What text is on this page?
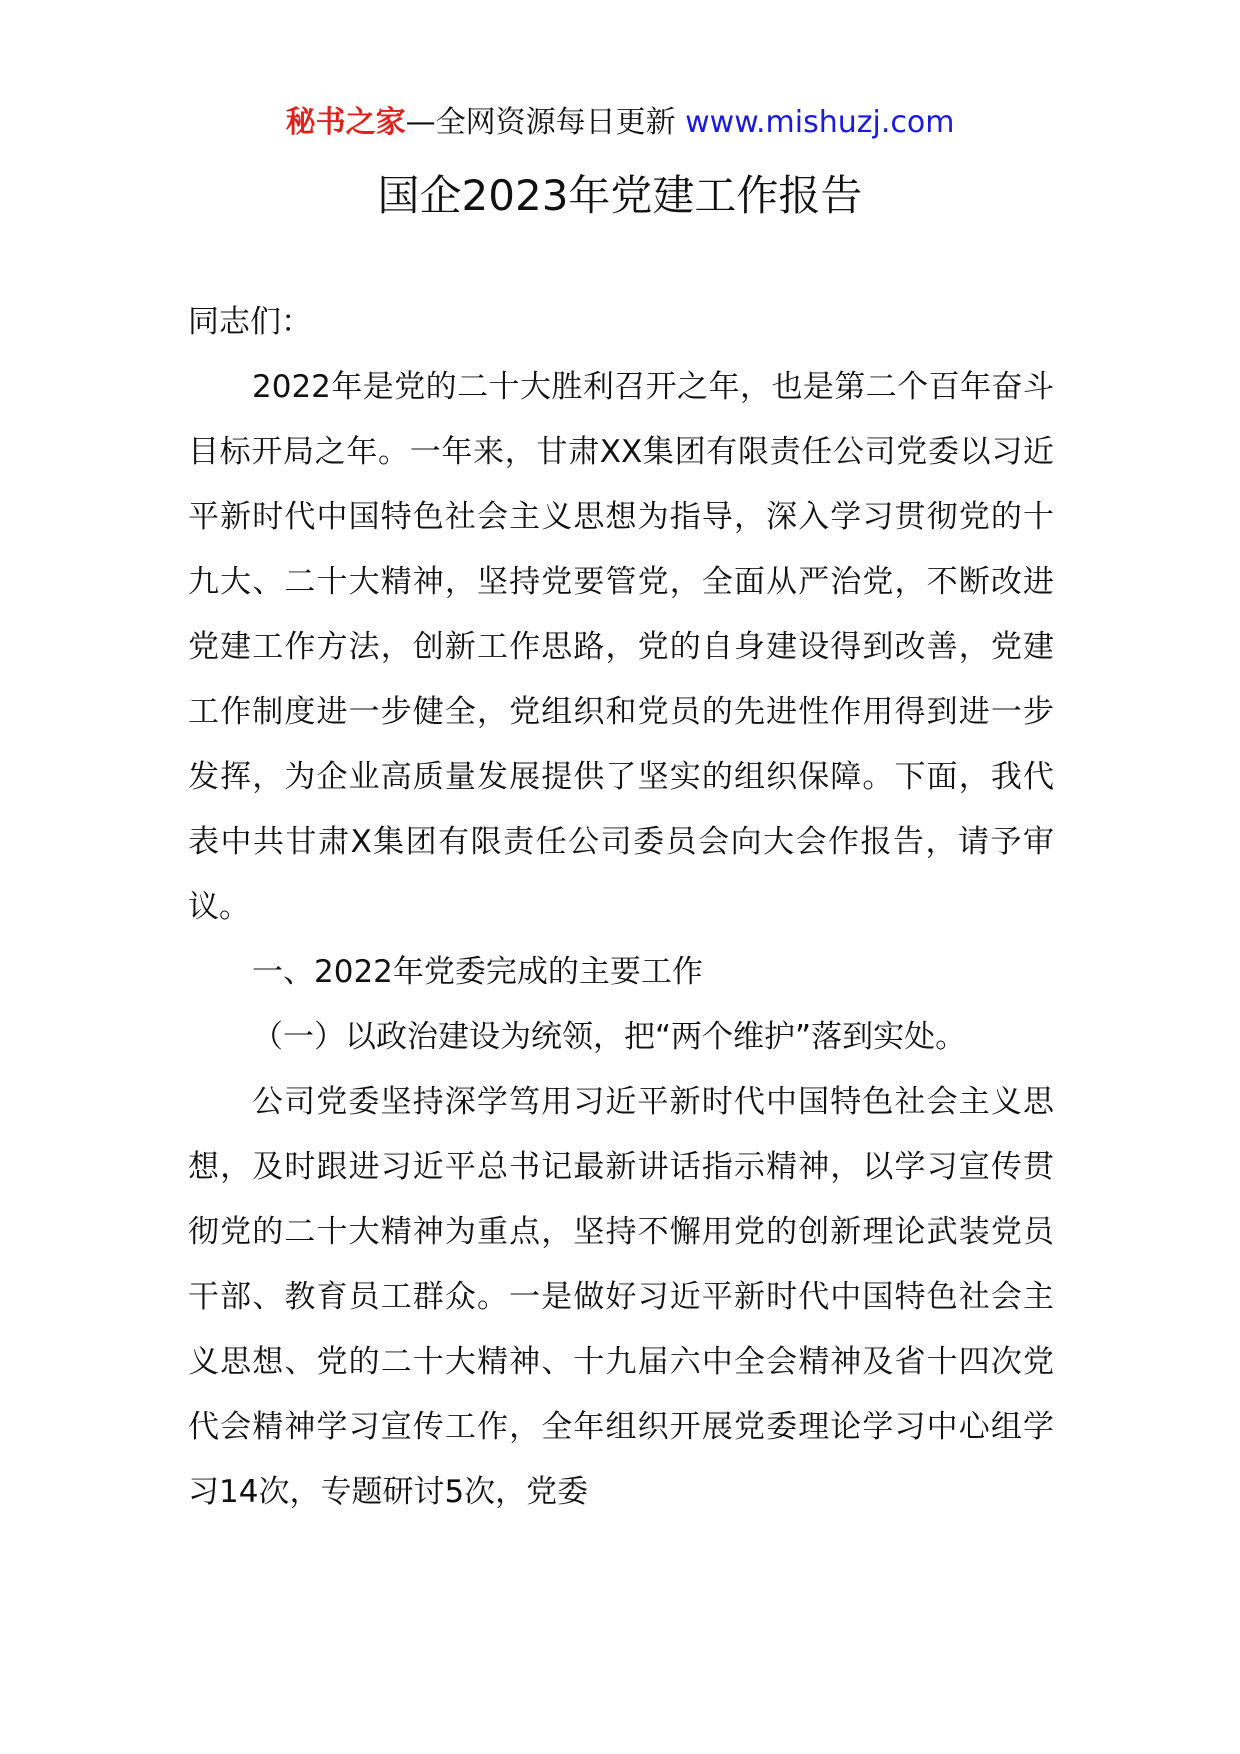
秘书之家—全网资源每日更新 www.mishuzj.com
国企2023年党建工作报告

同志们：

2022年是党的二十大胜利召开之年，也是第二个百年奋斗目标开局之年。一年来，甘肃XX集团有限责任公司党委以习近平新时代中国特色社会主义思想为指导，深入学习贯彻党的十九大、二十大精神，坚持党要管党，全面从严治党，不断改进党建工作方法，创新工作思路，党的自身建设得到改善，党建工作制度进一步健全，党组织和党员的先进性作用得到进一步发挥，为企业高质量发展提供了坚实的组织保障。下面，我代表中共甘肃X集团有限责任公司委员会向大会作报告，请予审议。

一、2022年党委完成的主要工作

（一）以政治建设为统领，把“两个维护”落到实处。

公司党委坚持深学笃用习近平新时代中国特色社会主义思想，及时跟进习近平总书记最新讲话指示精神，以学习宣传贯彻党的二十大精神为重点，坚持不懈用党的创新理论武装党员干部、教育员工群众。一是做好习近平新时代中国特色社会主义思想、党的二十大精神、十九届六中全会精神及省十四次党代会精神学习宣传工作，全年组织开展党委理论学习中心组学习14次，专题研讨5次，党委
